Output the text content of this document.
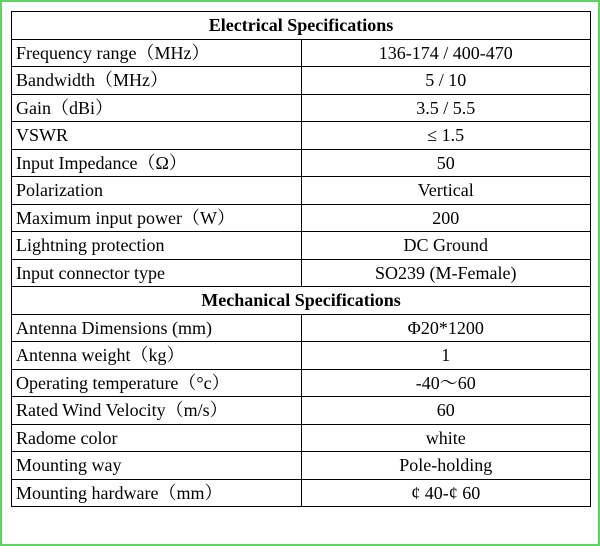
Electrical Specifications	
Frequency range（MHz）	136-174 / 400-470
Bandwidth（MHz）	5 / 10
Gain（dBi）	3.5 / 5.5
VSWR	≤ 1.5
Input Impedance（Ω）	50
Polarization	Vertical
Maximum input power（W）	200
Lightning protection	DC Ground
Input connector type	SO239 (M-Female)
Mechanical Specifications	
Antenna Dimensions (mm)	Φ20*1200
Antenna weight（kg）	1
Operating temperature（°c）	-40～60
Rated Wind Velocity（m/s）	60
Radome color	white
Mounting way	Pole-holding
Mounting hardware（mm）	¢ 40-¢ 60
